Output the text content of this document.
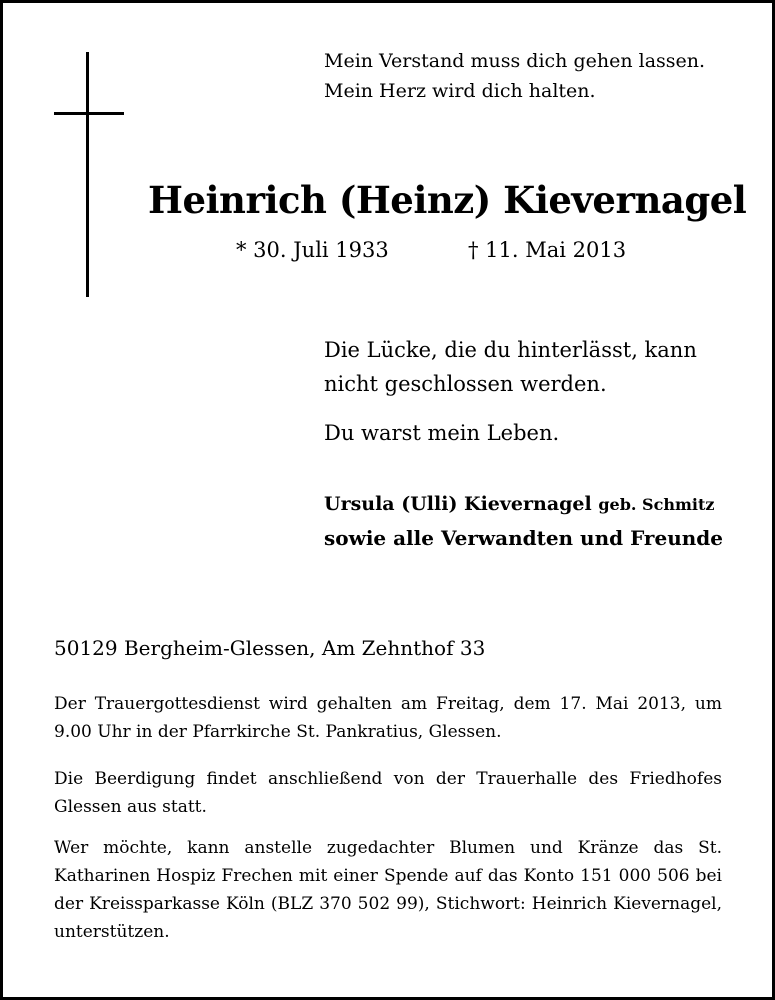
Mein Verstand muss dich gehen lassen.
Mein Herz wird dich halten.
Heinrich (Heinz) Kievernagel
* 30. Juli 1933	† 11. Mai 2013
Die Lücke, die du hinterlässt, kann
nicht geschlossen werden.
Du warst mein Leben.
Ursula (Ulli) Kievernagel geb. Schmitz
sowie alle Verwandten und Freunde
50129 Bergheim-Glessen, Am Zehnthof 33
Der Trauergottesdienst wird gehalten am Freitag, dem 17. Mai 2013, um 9.00 Uhr in der Pfarrkirche St. Pankratius, Glessen.
Die Beerdigung findet anschließend von der Trauerhalle des Friedhofes Glessen aus statt.
Wer möchte, kann anstelle zugedachter Blumen und Kränze das St. Katharinen Hospiz Frechen mit einer Spende auf das Konto 151 000 506 bei der Kreissparkasse Köln (BLZ 370 502 99), Stichwort: Heinrich Kievernagel, unterstützen.
